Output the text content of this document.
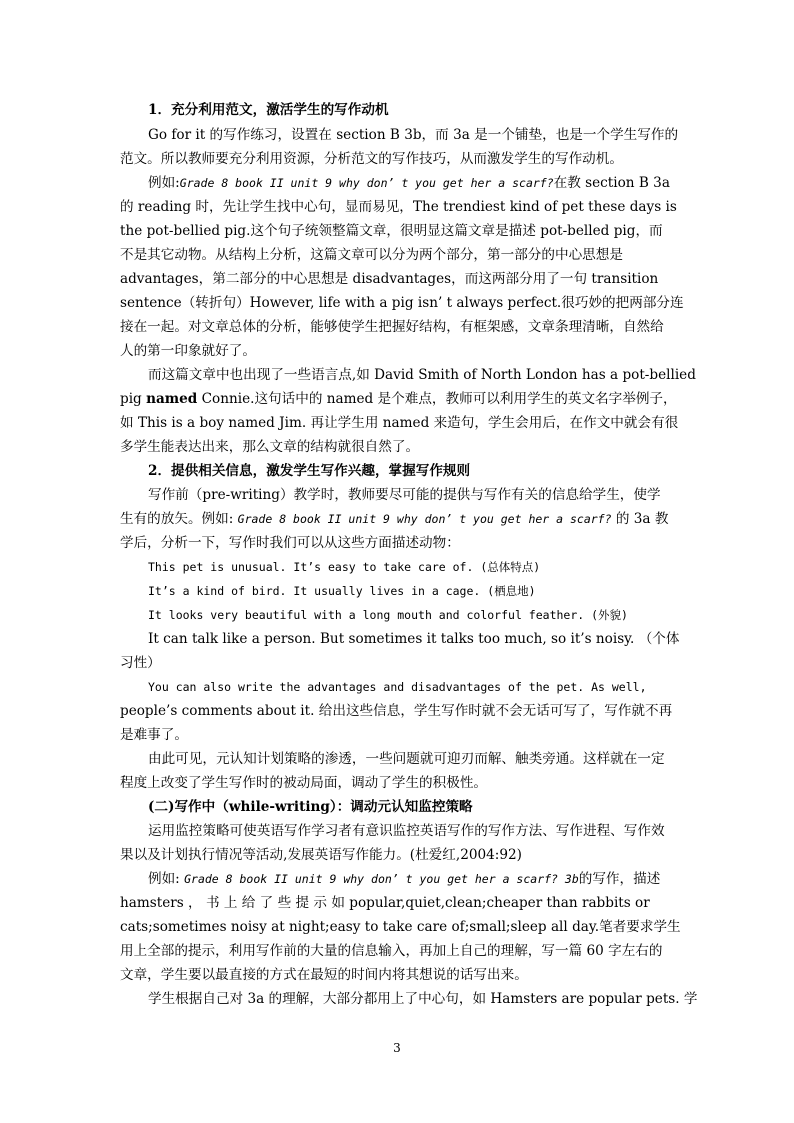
1．充分利用范文，激活学生的写作动机
Go for it 的写作练习，设置在 section B 3b，而 3a 是一个铺垫，也是一个学生写作的
范文。所以教师要充分利用资源，分析范文的写作技巧，从而激发学生的写作动机。
例如:Grade 8 book II unit 9 why don’ t you get her a scarf?在教 section B 3a
的 reading 时，先让学生找中心句，显而易见，The trendiest kind of pet these days is
the pot-bellied pig.这个句子统领整篇文章，很明显这篇文章是描述 pot-belled pig，而
不是其它动物。从结构上分析，这篇文章可以分为两个部分，第一部分的中心思想是
advantages，第二部分的中心思想是 disadvantages，而这两部分用了一句 transition
sentence（转折句）However, life with a pig isn’ t always perfect.很巧妙的把两部分连
接在一起。对文章总体的分析，能够使学生把握好结构，有框架感，文章条理清晰，自然给
人的第一印象就好了。
而这篇文章中也出现了一些语言点,如 David Smith of North London has a pot-bellied
pig named Connie.这句话中的 named 是个难点，教师可以利用学生的英文名字举例子，
如 This is a boy named Jim. 再让学生用 named 来造句，学生会用后，在作文中就会有很
多学生能表达出来，那么文章的结构就很自然了。
2．提供相关信息，激发学生写作兴趣，掌握写作规则
写作前（pre-writing）教学时，教师要尽可能的提供与写作有关的信息给学生，使学
生有的放矢。例如: Grade 8 book II unit 9 why don’ t you get her a scarf? 的 3a 教
学后，分析一下，写作时我们可以从这些方面描述动物：
This pet is unusual. It’s easy to take care of. (总体特点)
It’s a kind of bird. It usually lives in a cage. (栖息地)
It looks very beautiful with a long mouth and colorful feather. (外貌)
It can talk like a person. But sometimes it talks too much, so it’s noisy. （个体
习性）
You can also write the advantages and disadvantages of the pet. As well,
people’s comments about it. 给出这些信息，学生写作时就不会无话可写了，写作就不再
是难事了。
由此可见，元认知计划策略的渗透，一些问题就可迎刃而解、触类旁通。这样就在一定
程度上改变了学生写作时的被动局面，调动了学生的积极性。
(二)写作中（while-writing）：调动元认知监控策略
运用监控策略可使英语写作学习者有意识监控英语写作的写作方法、写作进程、写作效
果以及计划执行情况等活动,发展英语写作能力。(杜爱红,2004:92)
例如: Grade 8 book II unit 9 why don’ t you get her a scarf? 3b的写作，描述
hamsters ， 书 上 给 了 些 提 示 如 popular,quiet,clean;cheaper than rabbits or
cats;sometimes noisy at night;easy to take care of;small;sleep all day.笔者要求学生
用上全部的提示，利用写作前的大量的信息输入，再加上自己的理解，写一篇 60 字左右的
文章，学生要以最直接的方式在最短的时间内将其想说的话写出来。
学生根据自己对 3a 的理解，大部分都用上了中心句，如 Hamsters are popular pets. 学
3
